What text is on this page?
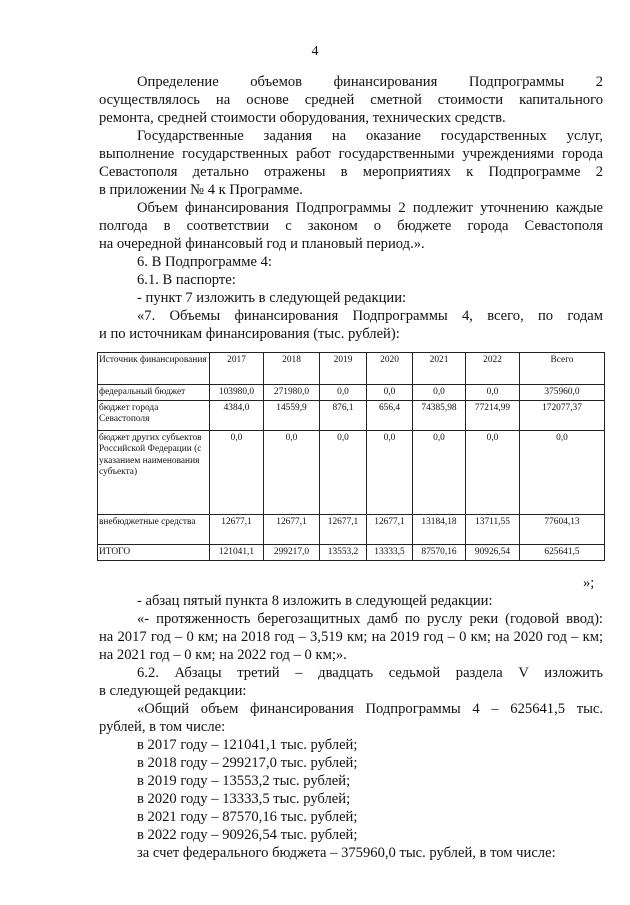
4

Определение объемов финансирования Подпрограммы 2

осуществлялось на основе средней сметной стоимости капитального

ремонта, средней стоимости оборудования, технических средств.

Государственные задания на оказание государственных услуг,

выполнение государственных работ государственными учреждениями города

Севастополя детально отражены в мероприятиях к Подпрограмме 2

в приложении № 4 к Программе.

Объем финансирования Подпрограммы 2 подлежит уточнению каждые

полгода в соответствии с законом о бюджете города Севастополя

на очередной финансовый год и плановый период.».

6. В Подпрограмме 4:

6.1. В паспорте:

- пункт 7 изложить в следующей редакции:

«7. Объемы финансирования Подпрограммы 4, всего, по годам

и по источникам финансирования (тыс. рублей):

Источник финансирования	2017	2018	2019	2020	2021	2022	Всего
федеральный бюджет	103980,0	271980,0	0,0	0,0	0,0	0,0	375960,0
бюджет города Севастополя	4384,0	14559,9	876,1	656,4	74385,98	77214,99	172077,37
бюджет других субъектов Российской Федерации (с указанием наименования субъекта)	0,0	0,0	0,0	0,0	0,0	0,0	0,0
внебюджетные средства	12677,1	12677,1	12677,1	12677,1	13184,18	13711,55	77604,13
ИТОГО	121041,1	299217,0	13553,2	13333,5	87570,16	90926,54	625641,5
»;

- абзац пятый пункта 8 изложить в следующей редакции:

«- протяженность берегозащитных дамб по руслу реки (годовой ввод):

на 2017 год – 0 км; на 2018 год – 3,519 км; на 2019 год – 0 км; на 2020 год – км;

на 2021 год – 0 км; на 2022 год – 0 км;».

6.2. Абзацы третий – двадцать седьмой раздела V изложить

в следующей редакции:

«Общий объем финансирования Подпрограммы 4 – 625641,5 тыс.

рублей, в том числе:

в 2017 году – 121041,1 тыс. рублей;

в 2018 году – 299217,0 тыс. рублей;

в 2019 году – 13553,2 тыс. рублей;

в 2020 году – 13333,5 тыс. рублей;

в 2021 году – 87570,16 тыс. рублей;

в 2022 году – 90926,54 тыс. рублей;

за счет федерального бюджета – 375960,0 тыс. рублей, в том числе:
